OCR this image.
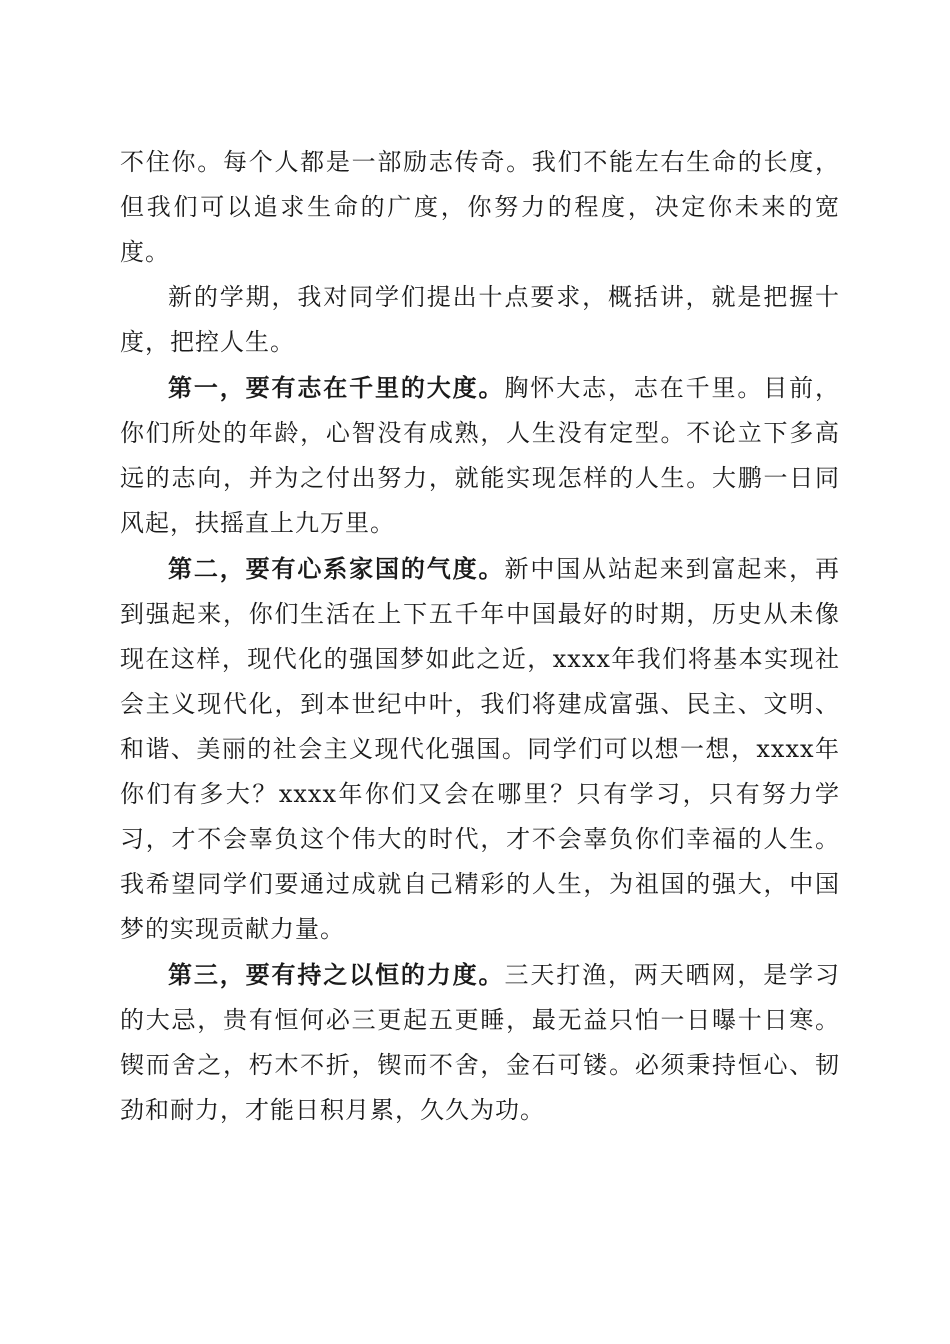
不住你。每个人都是一部励志传奇。我们不能左右生命的长度，但我们可以追求生命的广度，你努力的程度，决定你未来的宽度。

新的学期，我对同学们提出十点要求，概括讲，就是把握十度，把控人生。

第一，要有志在千里的大度。胸怀大志，志在千里。目前，你们所处的年龄，心智没有成熟，人生没有定型。不论立下多高远的志向，并为之付出努力，就能实现怎样的人生。大鹏一日同风起，扶摇直上九万里。

第二，要有心系家国的气度。新中国从站起来到富起来，再到强起来，你们生活在上下五千年中国最好的时期，历史从未像现在这样，现代化的强国梦如此之近，xxxx年我们将基本实现社会主义现代化，到本世纪中叶，我们将建成富强、民主、文明、和谐、美丽的社会主义现代化强国。同学们可以想一想，xxxx年你们有多大？xxxx年你们又会在哪里？只有学习，只有努力学习，才不会辜负这个伟大的时代，才不会辜负你们幸福的人生。我希望同学们要通过成就自己精彩的人生，为祖国的强大，中国梦的实现贡献力量。

第三，要有持之以恒的力度。三天打渔，两天晒网，是学习的大忌，贵有恒何必三更起五更睡，最无益只怕一日曝十日寒。锲而舍之，朽木不折，锲而不舍，金石可镂。必须秉持恒心、韧劲和耐力，才能日积月累，久久为功。
